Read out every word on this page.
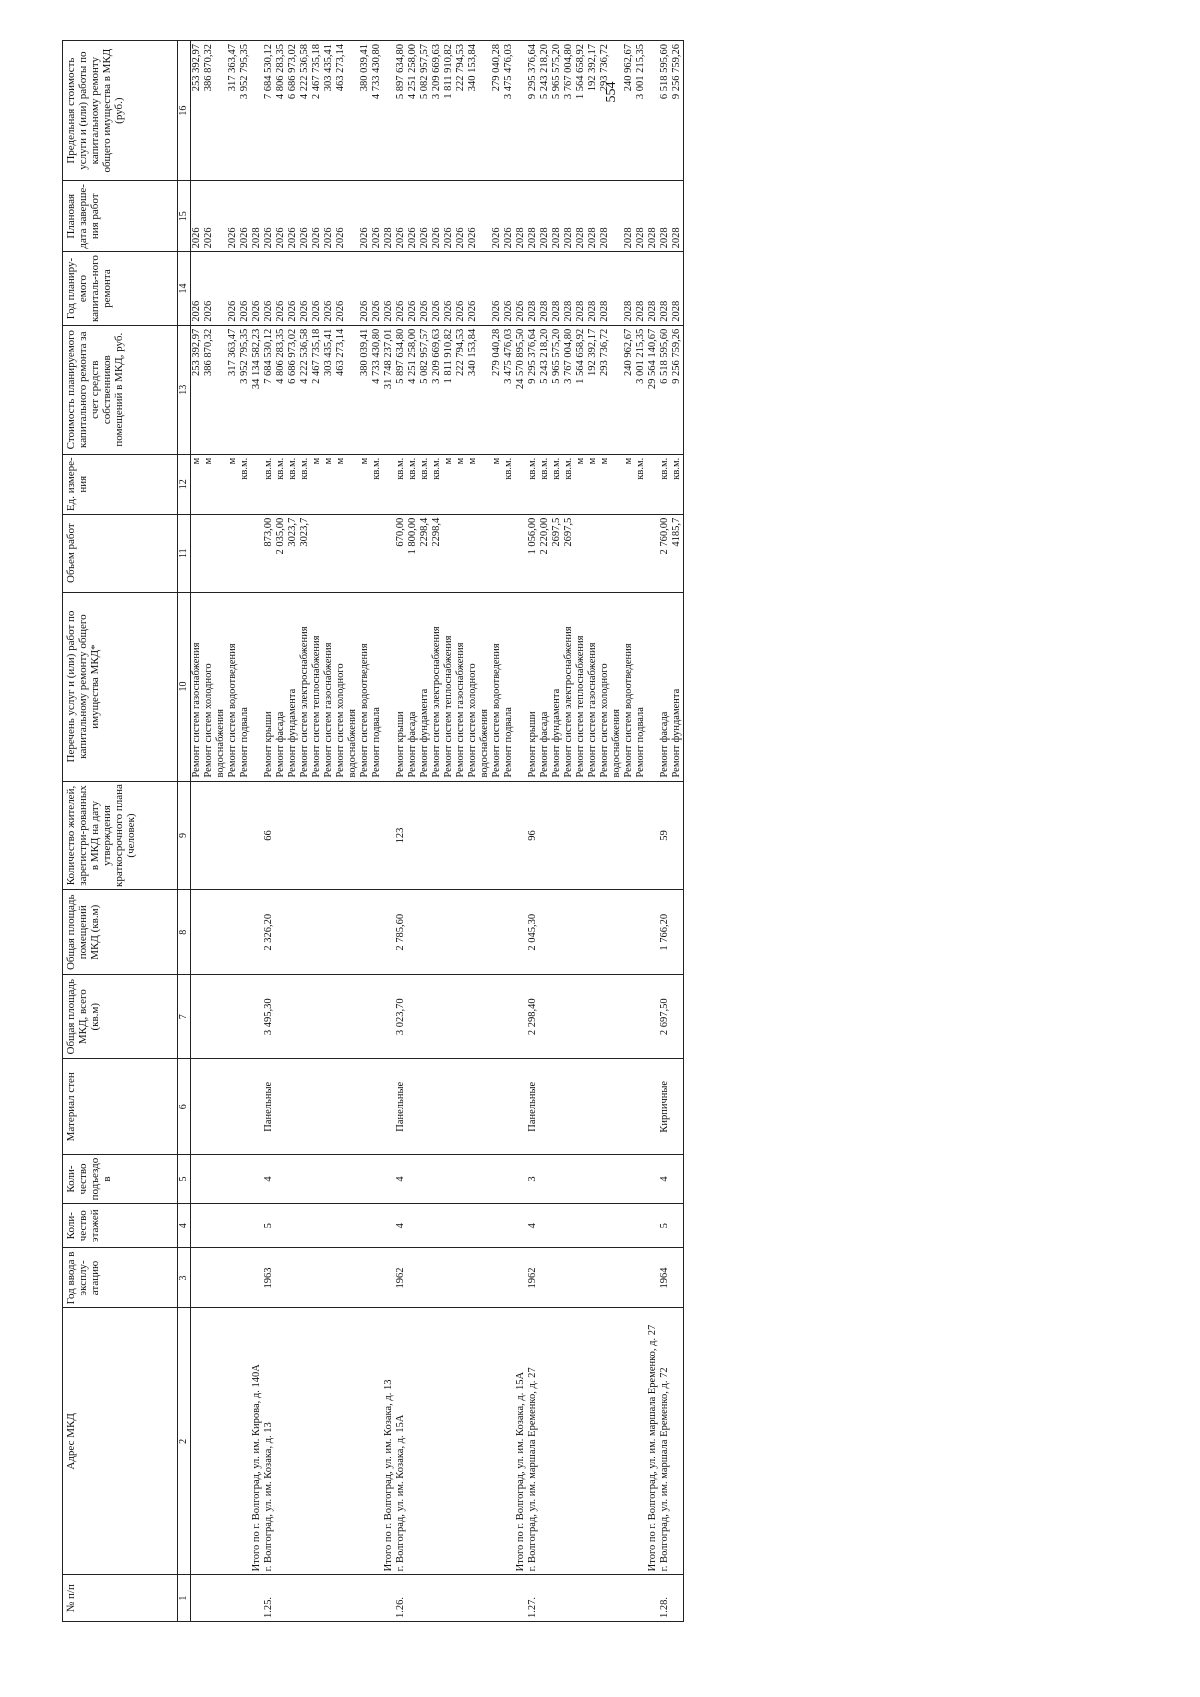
554
№ п/п	Адрес МКД	Год ввода в эксплу-атацию	Коли-чество этажей	Коли-чество подъездо в	Материал стен	Общая площадь МКД, всего (кв.м)	Общая площадь помещений МКД (кв.м)	Количество жителей, зарегистри-рованных в МКД на дату утверждения краткосрочного плана (человек)	Перечень услуг и (или) работ по капитальному ремонту общего имущества МКД*	Объем работ	Ед. измере-ния	Стоимость планируемого капитального ремонта за счет средств собственников помещений в МКД, руб.	Год планиру-емого капиталь-ного ремонта	Плановая дата заверше-ния работ	Предельная стоимость услуги и (или) работы по капитальному ремонту общего имущества в МКД (руб.)
1	2	3	4	5	6	7	8	9	10	11	12	13	14	15	16
									Ремонт систем газоснабжения		м	253 392,97	2026	2026	253 392,97
									Ремонт систем холодного водоснабжения		м	386 870,32	2026	2026	386 870,32
									Ремонт систем водоотведения		м	317 363,47	2026	2026	317 363,47
									Ремонт подвала		кв.м.	3 952 795,35	2026	2026	3 952 795,35
	Итого по г. Волгоград, ул. им. Кирова, д. 140А											34 134 582,23	2026	2028	
1.25.	г. Волгоград, ул. им. Козака, д. 13	1963	5	4	Панельные	3 495,30	2 326,20	66	Ремонт крыши	873,00	кв.м.	7 684 530,12	2026	2026	7 684 530,12
									Ремонт фасада	2 035,00	кв.м.	4 806 283,35	2026	2026	4 806 283,35
									Ремонт фундамента	3023,7	кв.м.	6 686 973,02	2026	2026	6 686 973,02
									Ремонт систем электроснабжения	3023,7	кв.м.	4 222 536,58	2026	2026	4 222 536,58
									Ремонт систем теплоснабжения		м	2 467 735,18	2026	2026	2 467 735,18
									Ремонт систем газоснабжения		м	303 435,41	2026	2026	303 435,41
									Ремонт систем холодного водоснабжения		м	463 273,14	2026	2026	463 273,14
									Ремонт систем водоотведения		м	380 039,41	2026	2026	380 039,41
									Ремонт подвала		кв.м.	4 733 430,80	2026	2026	4 733 430,80
	Итого по г. Волгоград, ул. им. Козака, д. 13											31 748 237,01	2026	2028	
1.26.	г. Волгоград, ул. им. Козака, д. 15А	1962	4	4	Панельные	3 023,70	2 785,60	123	Ремонт крыши	670,00	кв.м.	5 897 634,80	2026	2026	5 897 634,80
									Ремонт фасада	1 800,00	кв.м.	4 251 258,00	2026	2026	4 251 258,00
									Ремонт фундамента	2298,4	кв.м.	5 082 957,57	2026	2026	5 082 957,57
									Ремонт систем электроснабжения	2298,4	кв.м.	3 209 669,63	2026	2026	3 209 669,63
									Ремонт систем теплоснабжения		м	1 811 910,82	2026	2026	1 811 910,82
									Ремонт систем газоснабжения		м	222 794,53	2026	2026	222 794,53
									Ремонт систем холодного водоснабжения		м	340 153,84	2026	2026	340 153,84
									Ремонт систем водоотведения		м	279 040,28	2026	2026	279 040,28
									Ремонт подвала		кв.м.	3 475 476,03	2026	2026	3 475 476,03
	Итого по г. Волгоград, ул. им. Козака, д. 15А											24 570 895,50	2026	2028	
1.27.	г. Волгоград, ул. им. маршала Еременко, д. 27	1962	4	3	Панельные	2 298,40	2 045,30	96	Ремонт крыши	1 056,00	кв.м.	9 295 376,64	2028	2028	9 295 376,64
									Ремонт фасада	2 220,00	кв.м.	5 243 218,20	2028	2028	5 243 218,20
									Ремонт фундамента	2697,5	кв.м.	5 965 575,20	2028	2028	5 965 575,20
									Ремонт систем электроснабжения	2697,5	кв.м.	3 767 004,80	2028	2028	3 767 004,80
									Ремонт систем теплоснабжения		м	1 564 658,92	2028	2028	1 564 658,92
									Ремонт систем газоснабжения		м	192 392,17	2028	2028	192 392,17
									Ремонт систем холодного водоснабжения		м	293 736,72	2028	2028	293 736,72
									Ремонт систем водоотведения		м	240 962,67	2028	2028	240 962,67
									Ремонт подвала		кв.м.	3 001 215,35	2028	2028	3 001 215,35
	Итого по г. Волгоград, ул. им. маршала Еременко, д. 27											29 564 140,67	2028	2028	
1.28.	г. Волгоград, ул. им. маршала Еременко, д. 72	1964	5	4	Кирпичные	2 697,50	1 766,20	59	Ремонт фасада	2 760,00	кв.м.	6 518 595,60	2028	2028	6 518 595,60
									Ремонт фундамента	4185,7	кв.м.	9 256 759,26	2028	2028	9 256 759,26
